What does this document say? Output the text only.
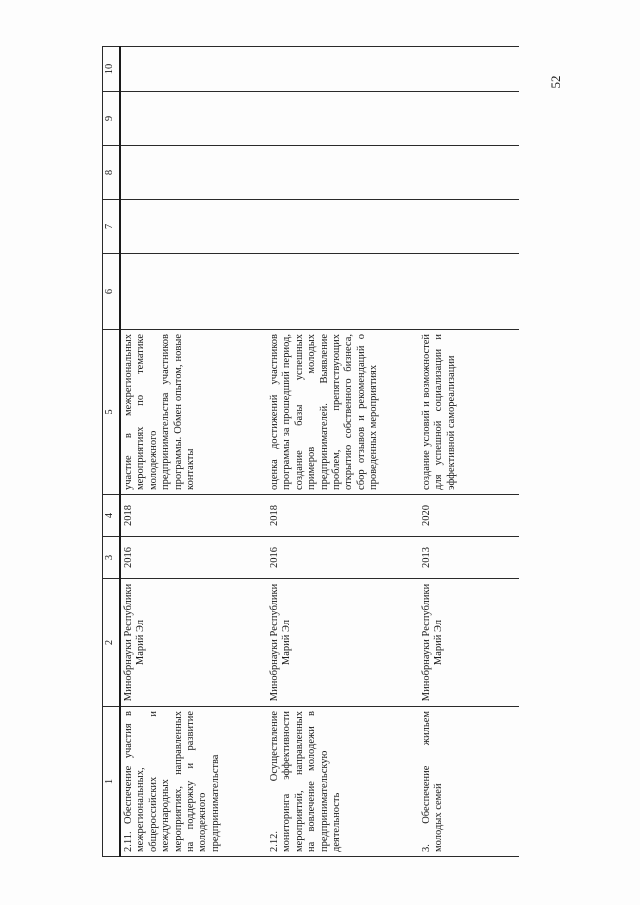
52
1	2	3	4	5	6	7	8	9	10
2.11. Обеспечение участия в межрегиональных, общероссийских и международных мероприятиях, направленных на поддержку и развитие молодежного предпринимательства	Минобрнауки Республики Марий Эл	2016	2018	участие в межрегиональных мероприятиях по тематике молодежного предпринимательства участников программы. Обмен опытом, новые контакты					
2.12. Осуществление мониторинга эффективности мероприятий, направленных на вовлечение молодежи в предпринимательскую деятельность	Минобрнауки Республики Марий Эл	2016	2018	оценка достижений участников программы за прошедший период, создание базы успешных примеров молодых предпринимателей. Выявление проблем, препятствующих открытию собственного бизнеса, сбор отзывов и рекомендаций о проведенных мероприятиях					
3. Обеспечение жильем молодых семей	Минобрнауки Республики Марий Эл	2013	2020	создание условий и возможностей для успешной социализации и эффективной самореализации					
